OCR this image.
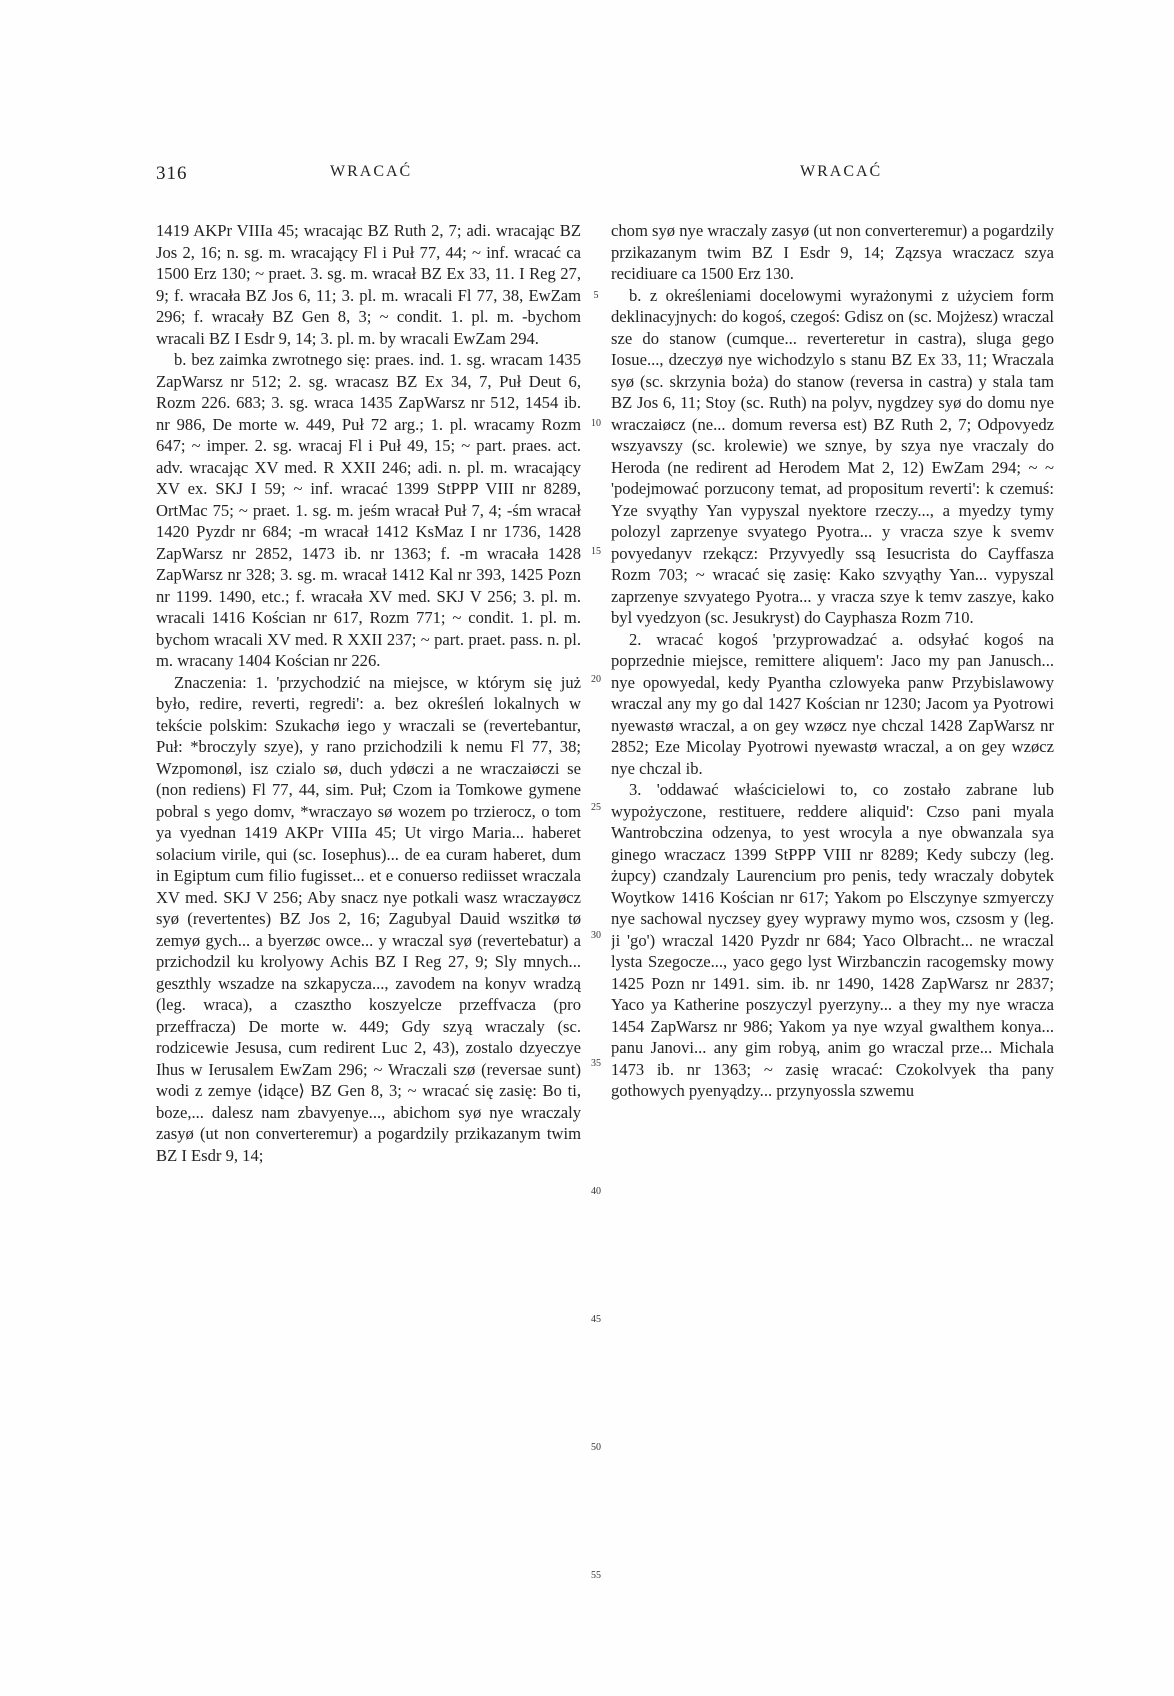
316	WRACAĆ	WRACAĆ

1419 AKPr VIIIa 45; wracając BZ Ruth 2, 7; adi. wracając BZ Jos 2, 16; n. sg. m. wracający Fl i Puł 77, 44; ~ inf. wracać ca 1500 Erz 130; ~ praet. 3. sg. m. wracał BZ Ex 33, 11. I Reg 27, 9; f. wracała BZ Jos 6, 11; 3. pl. m. wracali Fl 77, 38, EwZam 296; f. wracały BZ Gen 8, 3; ~ condit. 1. pl. m. -bychom wracali BZ I Esdr 9, 14; 3. pl. m. by wracali EwZam 294.

b. bez zaimka zwrotnego się: praes. ind. 1. sg. wracam 1435 ZapWarsz nr 512; 2. sg. wracasz BZ Ex 34, 7, Puł Deut 6, Rozm 226. 683; 3. sg. wraca 1435 ZapWarsz nr 512, 1454 ib. nr 986, De morte w. 449, Puł 72 arg.; 1. pl. wracamy Rozm 647; ~ imper. 2. sg. wracaj Fl i Puł 49, 15; ~ part. praes. act. adv. wracając XV med. R XXII 246; adi. n. pl. m. wracający XV ex. SKJ I 59; ~ inf. wracać 1399 StPPP VIII nr 8289, OrtMac 75; ~ praet. 1. sg. m. jeśm wracał Puł 7, 4; -śm wracał 1420 Pyzdr nr 684; -m wracał 1412 KsMaz I nr 1736, 1428 ZapWarsz nr 2852, 1473 ib. nr 1363; f. -m wracała 1428 ZapWarsz nr 328; 3. sg. m. wracał 1412 Kal nr 393, 1425 Pozn nr 1199. 1490, etc.; f. wracała XV med. SKJ V 256; 3. pl. m. wracali 1416 Kościan nr 617, Rozm 771; ~ condit. 1. pl. m. bychom wracali XV med. R XXII 237; ~ part. praet. pass. n. pl. m. wracany 1404 Kościan nr 226.

Znaczenia: 1. 'przychodzić na miejsce, w którym się już było, redire, reverti, regredi': a. bez określeń lokalnych w tekście polskim: Szukachø iego y wraczali se (revertebantur, Puł: *broczyly szye), y rano przichodzili k nemu Fl 77, 38; Wzpomonøl, isz czialo sø, duch ydøczi a ne wraczaiøczi se (non rediens) Fl 77, 44, sim. Puł; Czom ia Tomkowe gymene pobral s yego domv, *wraczayo sø wozem po trzierocz, o tom ya vyednan 1419 AKPr VIIIa 45; Ut virgo Maria... haberet solacium virile, qui (sc. Iosephus)... de ea curam haberet, dum in Egiptum cum filio fugisset... et e conuerso rediisset wraczala XV med. SKJ V 256; Aby snacz nye potkali wasz wraczayøcz syø (revertentes) BZ Jos 2, 16; Zagubyal Dauid wszitkø tø zemyø gych... a byerzøc owce... y wraczal syø (revertebatur) a przichodzil ku krolyowy Achis BZ I Reg 27, 9; Sly mnych... geszthly wszadze na szkapycza..., zavodem na konyv wradzą (leg. wraca), a czasztho koszyelcze przeffvacza (pro przeffracza) De morte w. 449; Gdy szyą wraczaly (sc. rodzicewie Jesusa, cum redirent Luc 2, 43), zostalo dzyeczye Ihus w Ierusalem EwZam 296; ~ Wraczali szø (reversae sunt) wodi z zemye ⟨idące⟩ BZ Gen 8, 3; ~ wracać się zasię: Bo ti, boze,... dalesz nam zbavyenye..., abichom syø nye wraczaly zasyø (ut non converteremur) a pogardzily przikazanym twim BZ I Esdr 9, 14;

5
10
15
20
25
30
35
40
45
50
55

chom syø nye wraczaly zasyø (ut non converteremur) a pogardzily przikazanym twim BZ I Esdr 9, 14; Zązsya wraczacz szya recidiuare ca 1500 Erz 130.

b. z określeniami docelowymi wyrażonymi z użyciem form deklinacyjnych: do kogoś, czegoś: Gdisz on (sc. Mojżesz) wraczal sze do stanow (cumque... reverteretur in castra), sluga gego Iosue..., dzeczyø nye wichodzylo s stanu BZ Ex 33, 11; Wraczala syø (sc. skrzynia boża) do stanow (reversa in castra) y stala tam BZ Jos 6, 11; Stoy (sc. Ruth) na polyv, nygdzey syø do domu nye wraczaiøcz (ne... domum reversa est) BZ Ruth 2, 7; Odpovyedz wszyavszy (sc. krolewie) we sznye, by szya nye vraczaly do Heroda (ne redirent ad Herodem Mat 2, 12) EwZam 294; ~ ~ 'podejmować porzucony temat, ad propositum reverti': k czemuś: Yze svyąthy Yan vypyszal nyektore rzeczy..., a myedzy tymy polozyl zaprzenye svyatego Pyotra... y vracza szye k svemv povyedanyv rzekącz: Przyvyedly ssą Iesucrista do Cayffasza Rozm 703; ~ wracać się zasię: Kako szvyąthy Yan... vypyszal zaprzenye szvyatego Pyotra... y vracza szye k temv zaszye, kako byl vyedzyon (sc. Jesukryst) do Cayphasza Rozm 710.

2. wracać kogoś 'przyprowadzać a. odsyłać kogoś na poprzednie miejsce, remittere aliquem': Jaco my pan Janusch... nye opowyedal, kedy Pyantha czlowyeka panw Przybislawowy wraczal any my go dal 1427 Kościan nr 1230; Jacom ya Pyotrowi nyewastø wraczal, a on gey wzøcz nye chczal 1428 ZapWarsz nr 2852; Eze Micolay Pyotrowi nyewastø wraczal, a on gey wzøcz nye chczal ib.

3. 'oddawać właścicielowi to, co zostało zabrane lub wypożyczone, restituere, reddere aliquid': Czso pani myala Wantrobczina odzenya, to yest wrocyla a nye obwanzala sya ginego wraczacz 1399 StPPP VIII nr 8289; Kedy subczy (leg. żupcy) czandzaly Laurencium pro penis, tedy wraczaly dobytek Woytkow 1416 Kościan nr 617; Yakom po Elsczynye szmyerczy nye sachowal nyczsey gyey wyprawy mymo wos, czsosm y (leg. ji 'go') wraczal 1420 Pyzdr nr 684; Yaco Olbracht... ne wraczal lysta Szegocze..., yaco gego lyst Wirzbanczin racogemsky mowy 1425 Pozn nr 1491. sim. ib. nr 1490, 1428 ZapWarsz nr 2837; Yaco ya Katherine poszyczyl pyerzyny... a they my nye wracza 1454 ZapWarsz nr 986; Yakom ya nye wzyal gwalthem konya... panu Janovi... any gim robyą, anim go wraczal prze... Michala 1473 ib. nr 1363; ~ zasię wracać: Czokolvyek tha pany gothowych pyenyądzy... przynyossla szwemu
